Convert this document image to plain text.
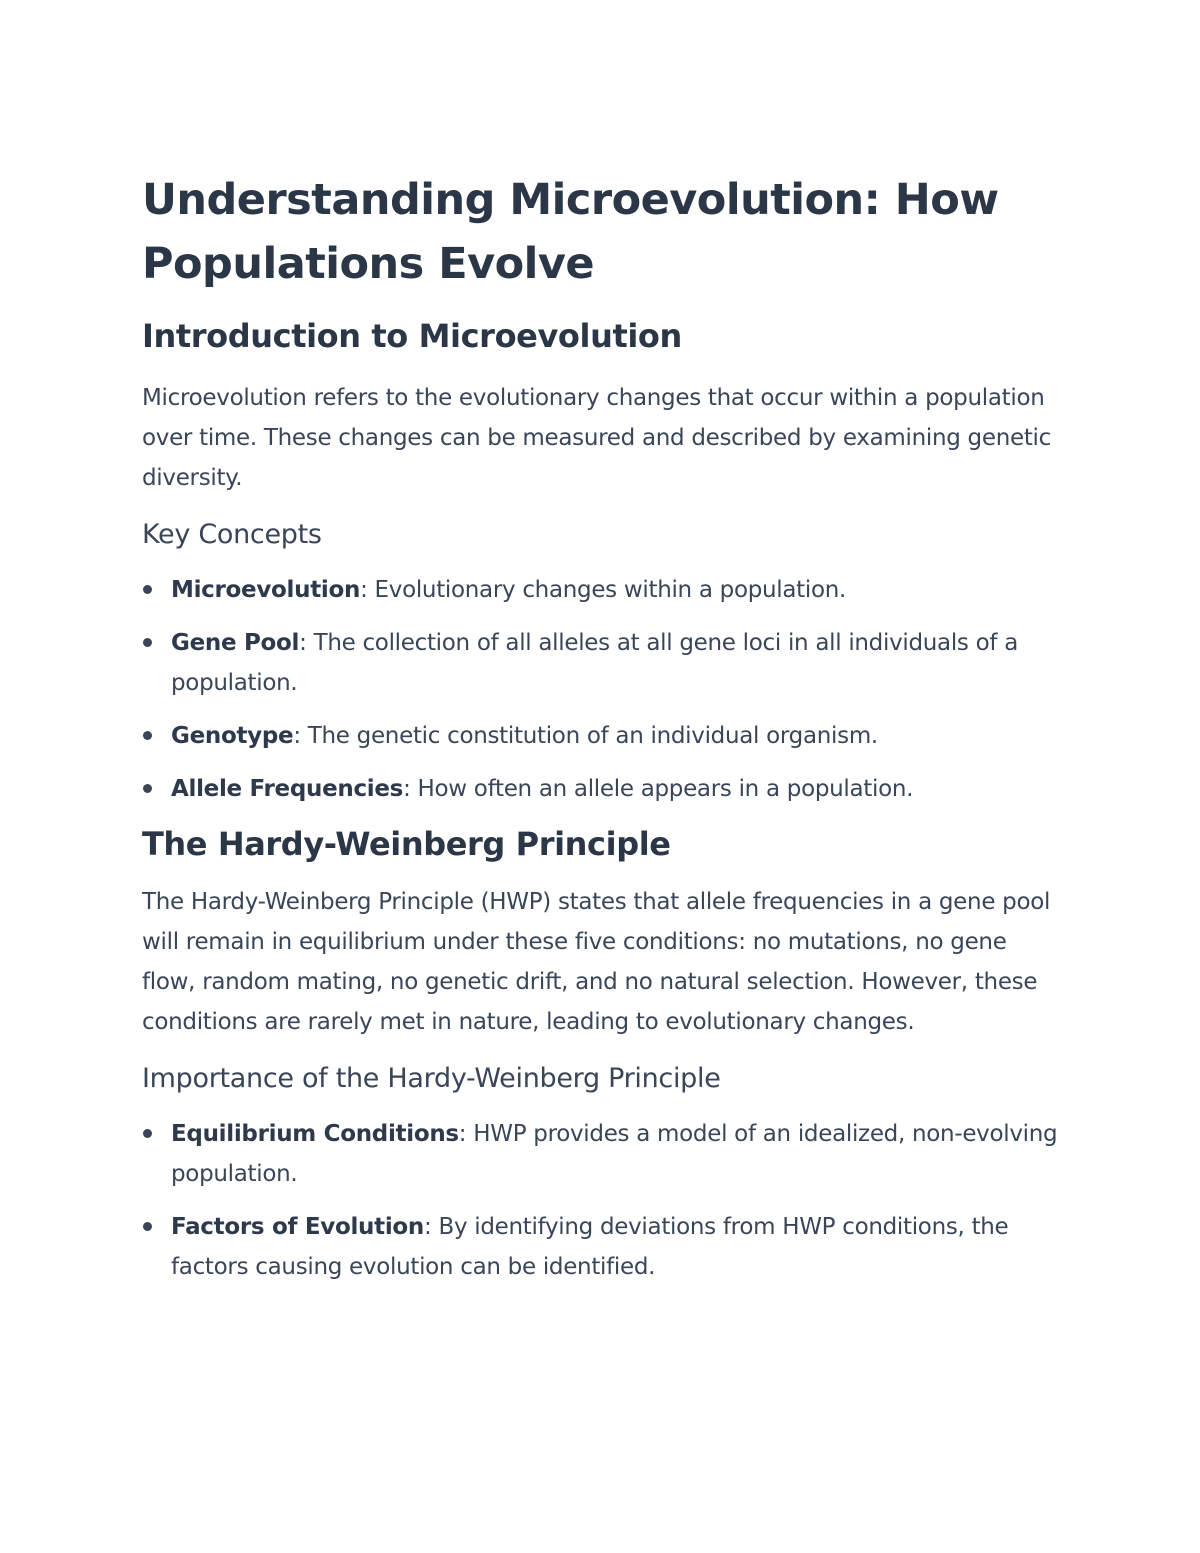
Understanding Microevolution: How Populations Evolve
Introduction to Microevolution

Microevolution refers to the evolutionary changes that occur within a population over time. These changes can be measured and described by examining genetic diversity.

Key Concepts
Microevolution: Evolutionary changes within a population.
Gene Pool: The collection of all alleles at all gene loci in all individuals of a population.
Genotype: The genetic constitution of an individual organism.
Allele Frequencies: How often an allele appears in a population.
The Hardy-Weinberg Principle

The Hardy-Weinberg Principle (HWP) states that allele frequencies in a gene pool will remain in equilibrium under these five conditions: no mutations, no gene flow, random mating, no genetic drift, and no natural selection. However, these conditions are rarely met in nature, leading to evolutionary changes.

Importance of the Hardy-Weinberg Principle
Equilibrium Conditions: HWP provides a model of an idealized, non-evolving population.
Factors of Evolution: By identifying deviations from HWP conditions, the factors causing evolution can be identified.
